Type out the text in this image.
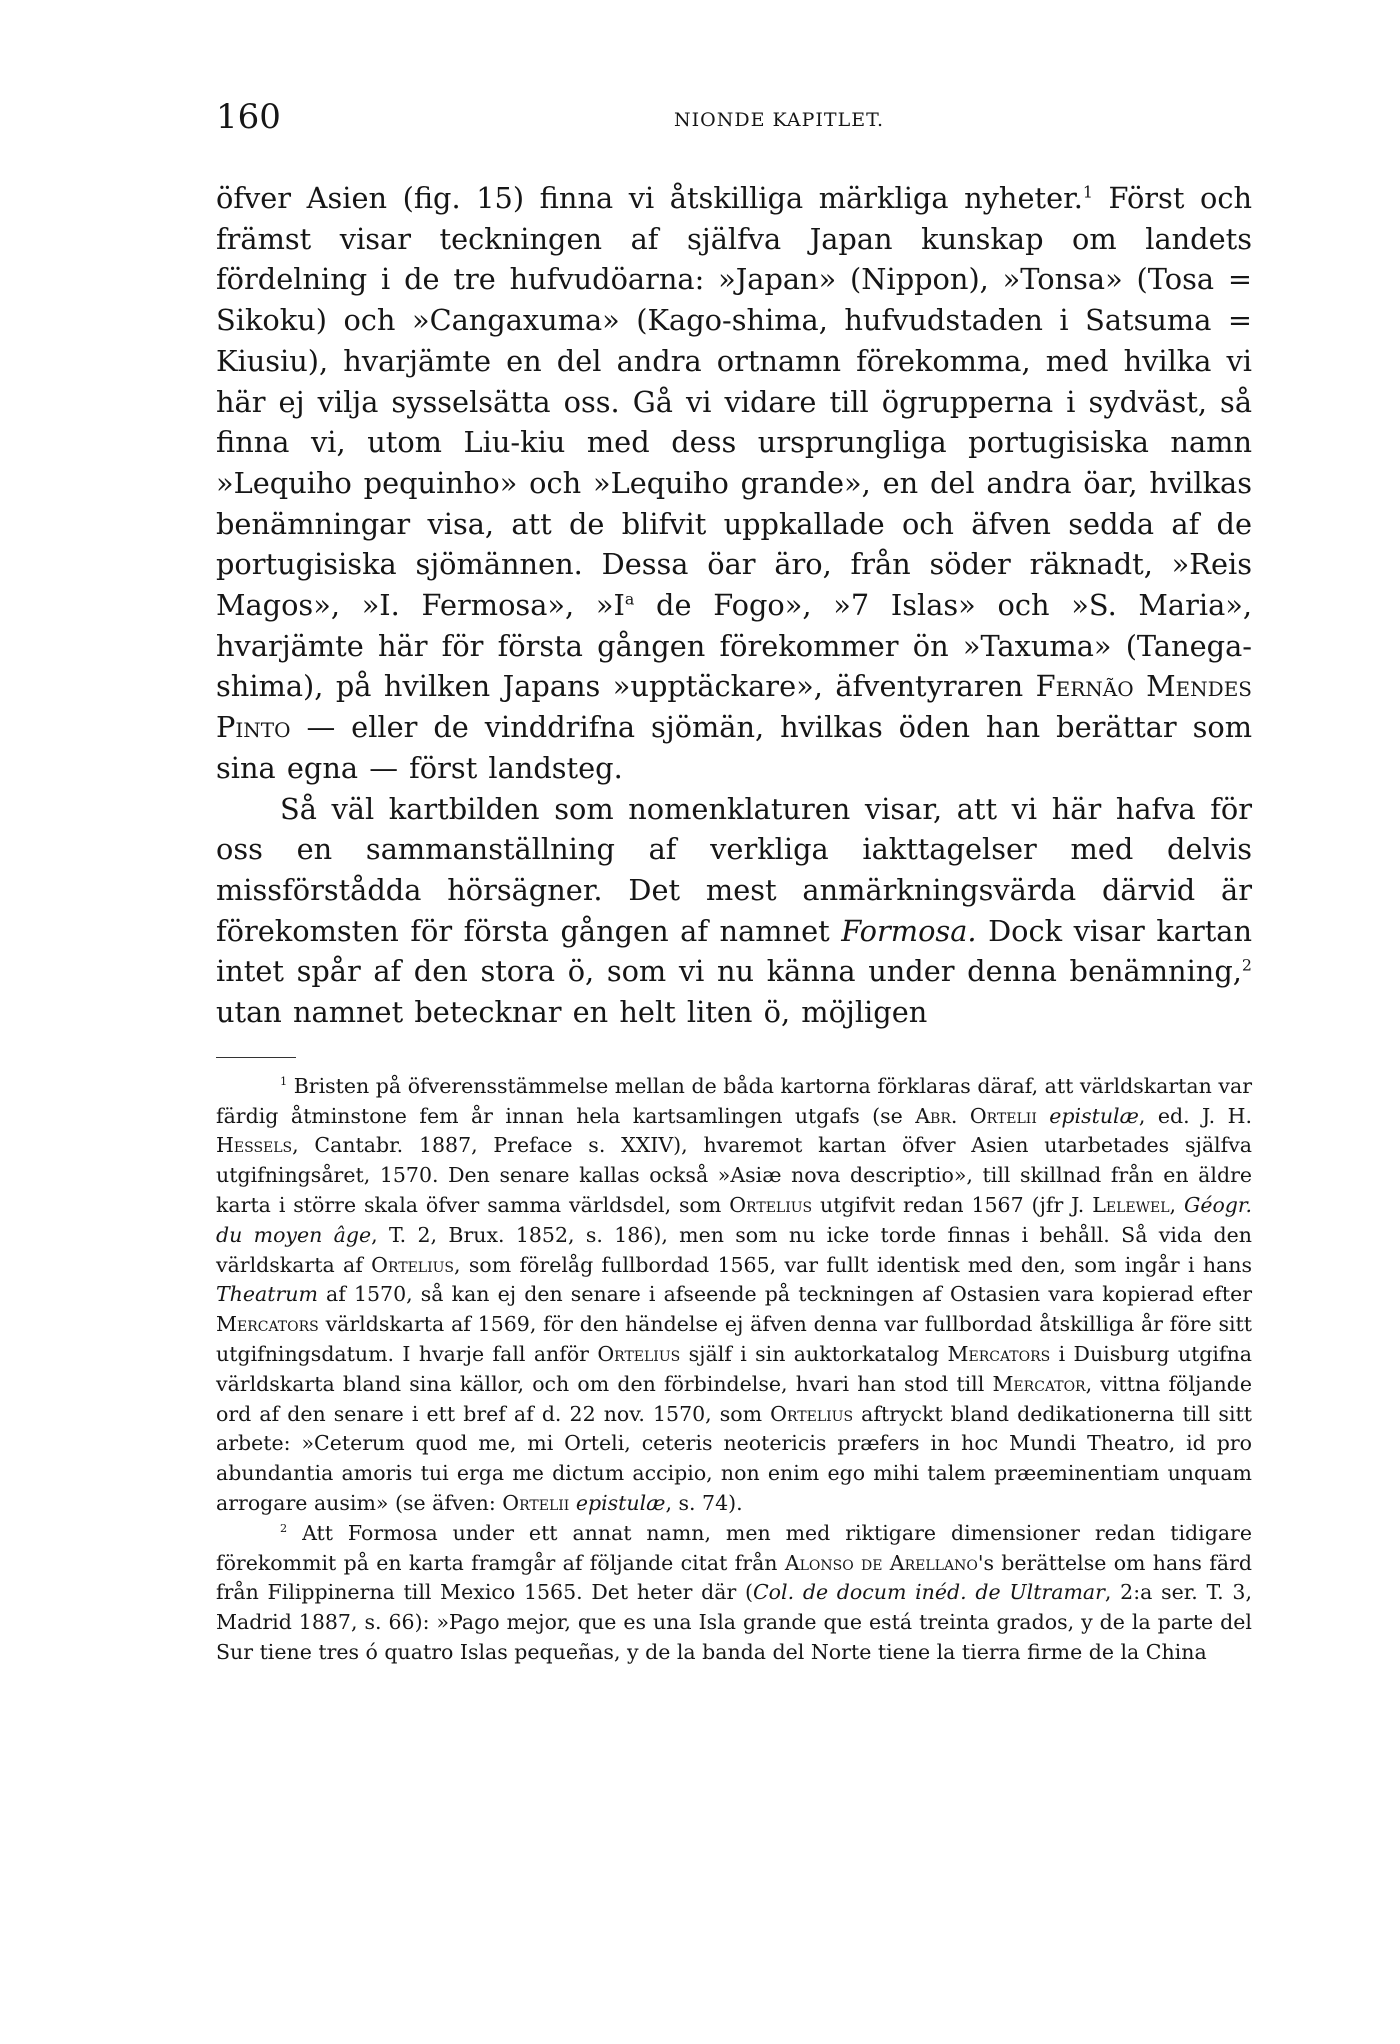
160	NIONDE KAPITLET.

öfver Asien (fig. 15) finna vi åtskilliga märkliga nyheter.$^1$ Först och främst visar teckningen af själfva Japan kunskap om landets fördelning i de tre hufvudöarna: »Japan» (Nippon), »Tonsa» (Tosa = Sikoku) och »Cangaxuma» (Kago-shima, hufvudstaden i Satsuma = Kiusiu), hvarjämte en del andra ortnamn förekomma, med hvilka vi här ej vilja sysselsätta oss. Gå vi vidare till ögrupperna i sydväst, så finna vi, utom Liu-kiu med dess ursprungliga portugisiska namn »Lequiho pequinho» och »Lequiho grande», en del andra öar, hvilkas benämningar visa, att de blifvit uppkallade och äfven sedda af de portugisiska sjömännen. Dessa öar äro, från söder räknadt, »Reis Magos», »I. Fermosa», $»I^a$ de Fogo», »7 Islas» och »S. Maria», hvarjämte här för första gången förekommer ön »Taxuma» (Tanega-shima), på hvilken Japans »upptäckare», äfventyraren Fernão Mendes Pinto — eller de vinddrifna sjömän, hvilkas öden han berättar som sina egna — först landsteg.

Så väl kartbilden som nomenklaturen visar, att vi här hafva för oss en sammanställning af verkliga iakttagelser med delvis missförstådda hörsägner. Det mest anmärkningsvärda därvid är förekomsten för första gången af namnet Formosa. Dock visar kartan intet spår af den stora ö, som vi nu känna under denna benämning,$^2$ utan namnet betecknar en helt liten ö, möjligen

$^1$ Bristen på öfverensstämmelse mellan de båda kartorna förklaras däraf, att världskartan var färdig åtminstone fem år innan hela kartsamlingen utgafs (se Abr. Ortelii epistulæ, ed. J. H. Hessels, Cantabr. 1887, Preface s. XXIV), hvaremot kartan öfver Asien utarbetades själfva utgifningsåret, 1570. Den senare kallas också »Asiæ nova descriptio», till skillnad från en äldre karta i större skala öfver samma världsdel, som Ortelius utgifvit redan 1567 (jfr J. Lelewel, Géogr. du moyen âge, T. 2, Brux. 1852, s. 186), men som nu icke torde finnas i behåll. Så vida den världskarta af Ortelius, som förelåg fullbordad 1565, var fullt identisk med den, som ingår i hans Theatrum af 1570, så kan ej den senare i afseende på teckningen af Ostasien vara kopierad efter Mercators världskarta af 1569, för den händelse ej äfven denna var fullbordad åtskilliga år före sitt utgifningsdatum. I hvarje fall anför Ortelius själf i sin auktorkatalog Mercators i Duisburg utgifna världskarta bland sina källor, och om den förbindelse, hvari han stod till Mercator, vittna följande ord af den senare i ett bref af d. 22 nov. 1570, som Ortelius aftryckt bland dedikationerna till sitt arbete: »Ceterum quod me, mi Orteli, ceteris neotericis præfers in hoc Mundi Theatro, id pro abundantia amoris tui erga me dictum accipio, non enim ego mihi talem præeminentiam unquam arrogare ausim» (se äfven: Ortelii epistulæ, s. 74).

$^2$ Att Formosa under ett annat namn, men med riktigare dimensioner redan tidigare förekommit på en karta framgår af följande citat från Alonso de Arellano's berättelse om hans färd från Filippinerna till Mexico 1565. Det heter där (Col. de docum inéd. de Ultramar, 2:a ser. T. 3, Madrid 1887, s. 66): »Pago mejor, que es una Isla grande que está treinta grados, y de la parte del Sur tiene tres ó quatro Islas pequeñas, y de la banda del Norte tiene la tierra firme de la China
